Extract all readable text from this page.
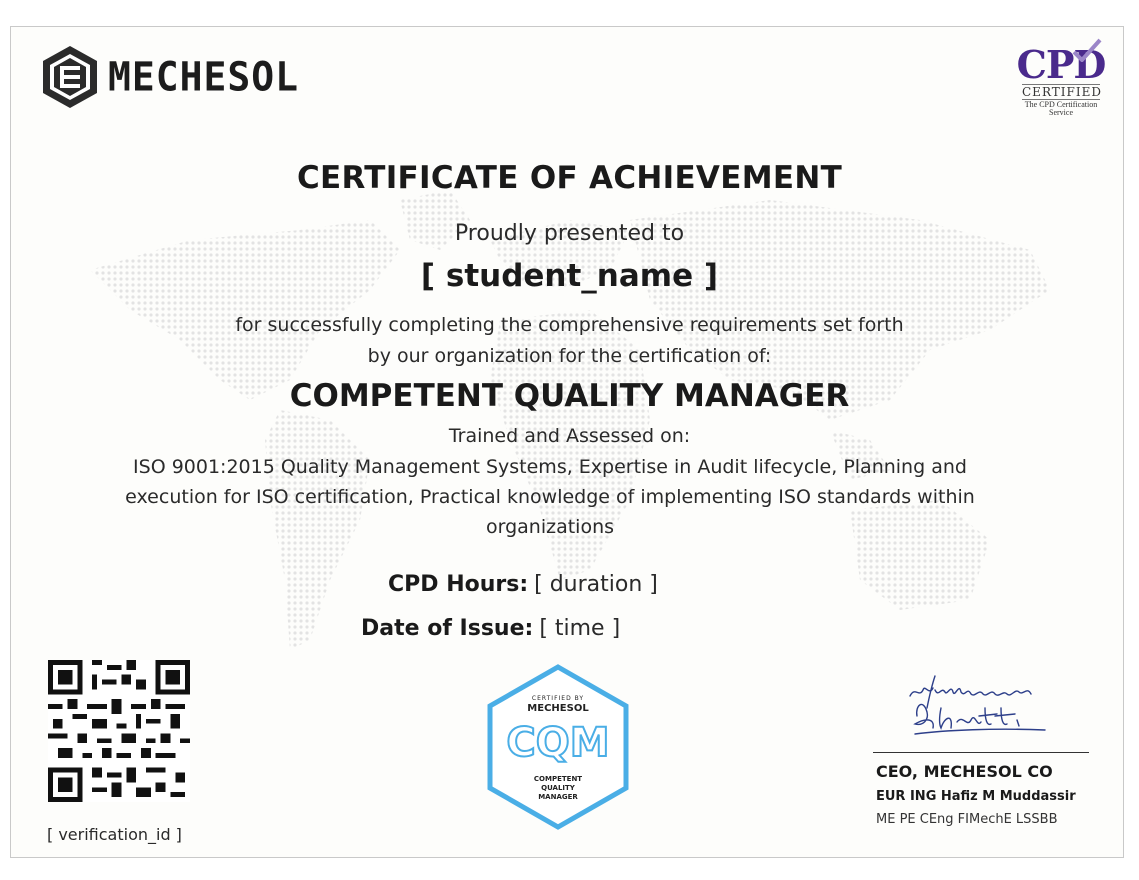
MECHESOL	CPD
CERTIFIED
The CPD Certification Service
CERTIFICATE OF ACHIEVEMENT
Proudly presented to
[ student_name ]
for successfully completing the comprehensive requirements set forth
by our organization for the certification of:
COMPETENT QUALITY MANAGER
Trained and Assessed on:
ISO 9001:2015 Quality Management Systems, Expertise in Audit lifecycle, Planning and execution for ISO certification, Practical knowledge of implementing ISO standards within organizations
CPD Hours: [ duration ]
Date of Issue: [ time ]
[ verification_id ]
CERTIFIED BY
MECHESOL
CQM
COMPETENT
QUALITY
MANAGER
CEO, MECHESOL CO
EUR ING Hafiz M Muddassir
ME PE CEng FIMechE LSSBB
